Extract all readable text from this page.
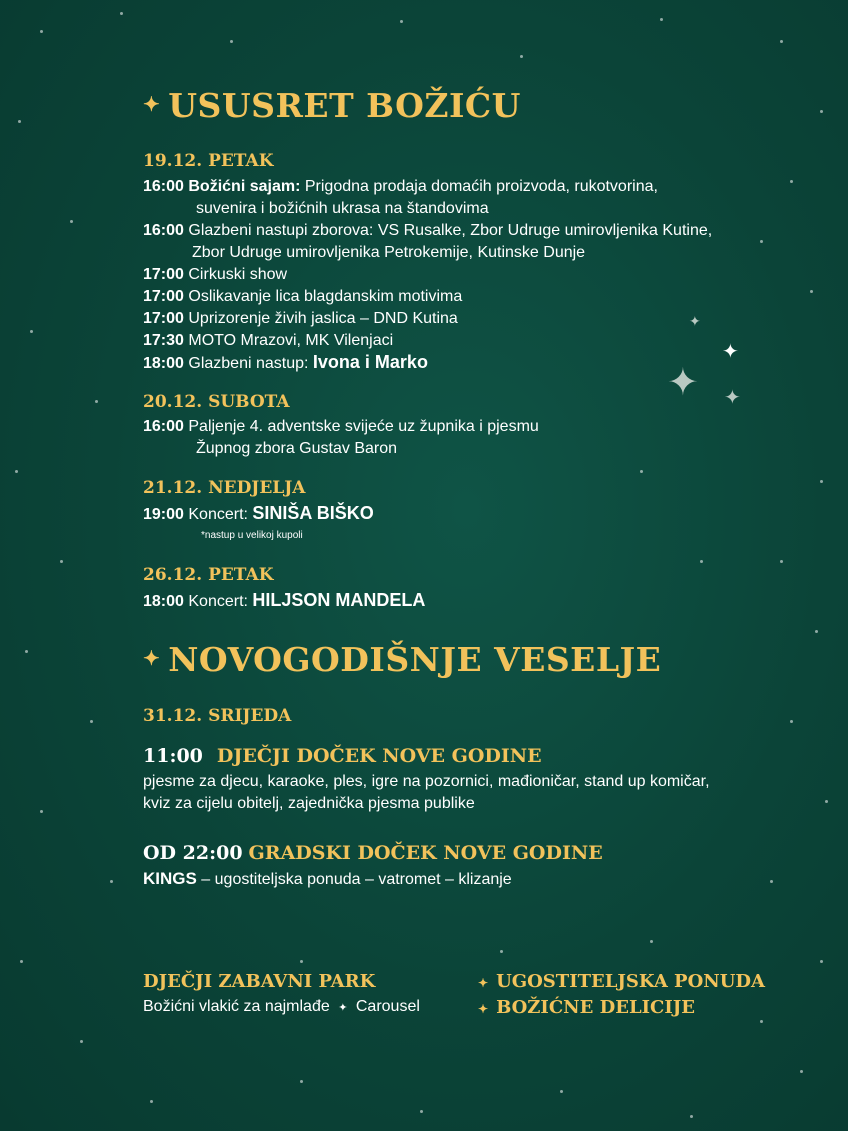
✦
✦
✦ ✦
✦ USUSRET BOŽIĆU
19.12. PETAK
16:00 Božićni sajam: Prigodna prodaja domaćih proizvoda, rukotvorina,
suvenira i božićnih ukrasa na štandovima
16:00 Glazbeni nastupi zborova: VS Rusalke, Zbor Udruge umirovljenika Kutine,
Zbor Udruge umirovljenika Petrokemije, Kutinske Dunje
17:00 Cirkuski show
17:00 Oslikavanje lica blagdanskim motivima
17:00 Uprizorenje živih jaslica – DND Kutina
17:30 MOTO Mrazovi, MK Vilenjaci
18:00 Glazbeni nastup: Ivona i Marko
20.12. SUBOTA
16:00 Paljenje 4. adventske svijeće uz župnika i pjesmu
Župnog zbora Gustav Baron
21.12. NEDJELJA
19:00 Koncert: SINIŠA BIŠKO
*nastup u velikoj kupoli
26.12. PETAK
18:00 Koncert: HILJSON MANDELA
✦ NOVOGODIŠNJE VESELJE
31.12. SRIJEDA
11:00 DJEČJI DOČEK NOVE GODINE
pjesme za djecu, karaoke, ples, igre na pozornici, mađioničar, stand up komičar,
kviz za cijelu obitelj, zajednička pjesma publike
OD 22:00 GRADSKI DOČEK NOVE GODINE
KINGS – ugostiteljska ponuda – vatromet – klizanje
DJEČJI ZABAVNI PARK
Božićni vlakić za najmlađe ✦ Carousel
✦ UGOSTITELJSKA PONUDA
✦ BOŽIĆNE DELICIJE
